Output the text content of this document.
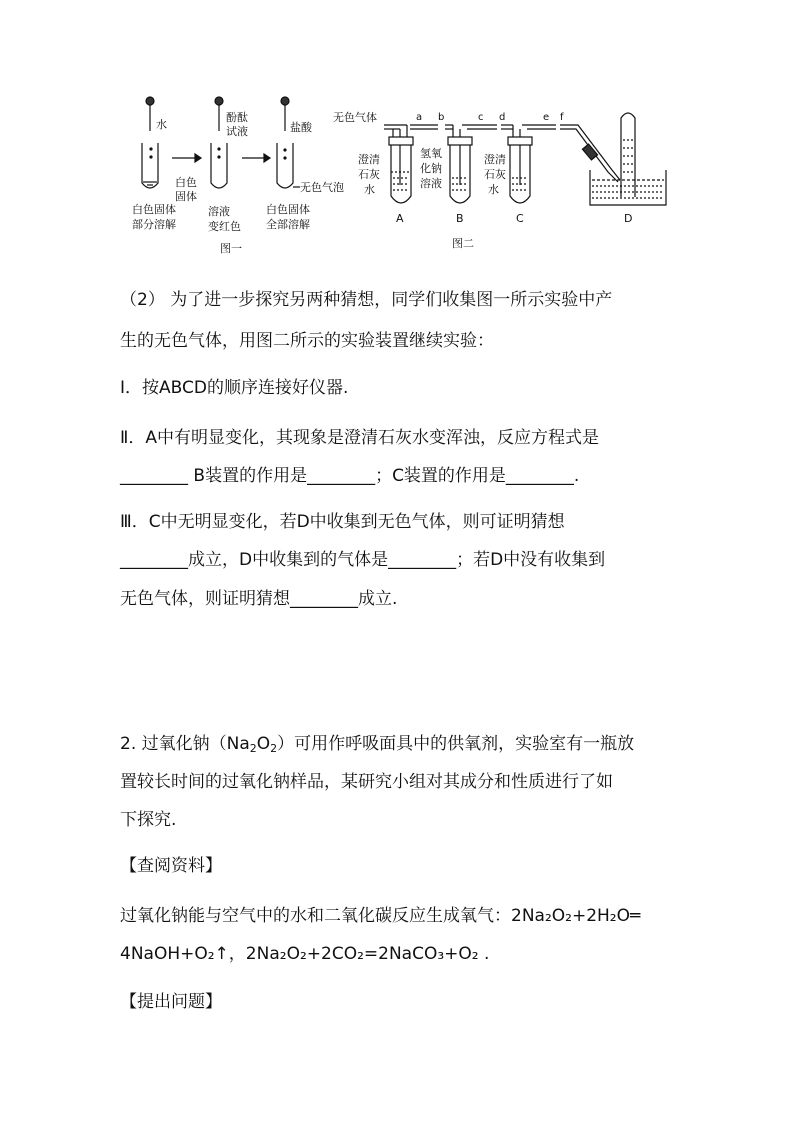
水
酚酞
试液	盐酸
白色
固体
无色气泡
白色固体
部分溶解
溶液
变红色
白色固体
全部溶解
图一
无色气体	a b	c d	e f
澄清
石灰
水
氢氧
化钠
溶液
澄清
石灰
水
A	B	C	D
图二
（2） 为了进一步探究另两种猜想，同学们收集图一所示实验中产
生的无色气体，用图二所示的实验装置继续实验：
Ⅰ．按ABCD的顺序连接好仪器.
Ⅱ．A中有明显变化，其现象是澄清石灰水变浑浊，反应方程式是
________ B装置的作用是________；C装置的作用是________.
Ⅲ．C中无明显变化，若D中收集到无色气体，则可证明猜想
________成立，D中收集到的气体是________；若D中没有收集到
无色气体，则证明猜想________成立.
2. 过氧化钠$(Na_2O_2)$可用作呼吸面具中的供氧剂，实验室有一瓶放
置较长时间的过氧化钠样品，某研究小组对其成分和性质进行了如
下探究.
【查阅资料】
过氧化钠能与空气中的水和二氧化碳反应生成氧气：2Na₂O₂+2H₂O═
4NaOH+O₂↑，2Na₂O₂+2CO₂=2NaCO₃+O₂ .
【提出问题】
